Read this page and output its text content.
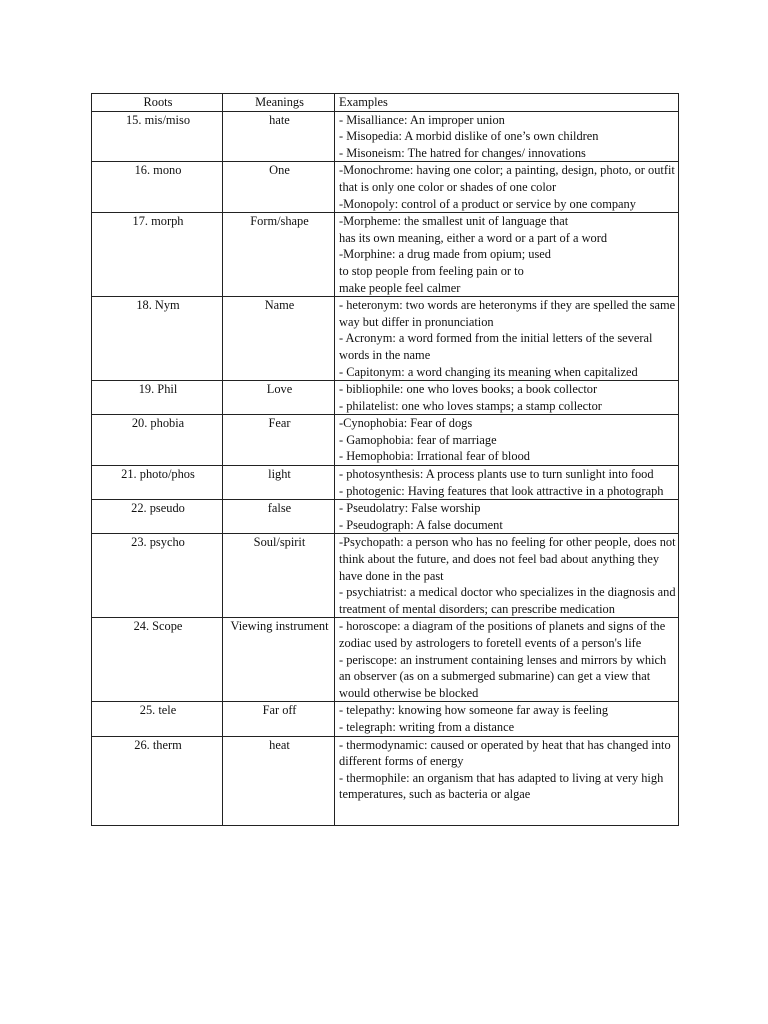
Roots	Meanings	Examples
15. mis/miso	hate	- Misalliance: An improper union
- Misopedia: A morbid dislike of one’s own children
- Misoneism: The hatred for changes/ innovations

16. mono	One	-Monochrome: having one color; a painting, design, photo, or outfit that is only one color or shades of one color
-Monopoly: control of a product or service by one company

17. morph	Form/shape	-Morpheme: the smallest unit of language that
has its own meaning, either a word or a part of a word
-Morphine: a drug made from opium; used
to stop people from feeling pain or to
make people feel calmer

18. Nym	Name	- heteronym: two words are heteronyms if they are spelled the same way but differ in pronunciation
- Acronym: a word formed from the initial letters of the several words in the name
- Capitonym: a word changing its meaning when capitalized

19. Phil	Love	- bibliophile: one who loves books; a book collector
- philatelist: one who loves stamps; a stamp collector

20. phobia	Fear	-Cynophobia: Fear of dogs
- Gamophobia: fear of marriage
- Hemophobia: Irrational fear of blood

21. photo/phos	light	- photosynthesis: A process plants use to turn sunlight into food
- photogenic: Having features that look attractive in a photograph

22. pseudo	false	- Pseudolatry: False worship
- Pseudograph: A false document

23. psycho	Soul/spirit	-Psychopath: a person who has no feeling for other people, does not think about the future, and does not feel bad about anything they have done in the past
- psychiatrist: a medical doctor who specializes in the diagnosis and treatment of mental disorders; can prescribe medication

24. Scope	Viewing instrument	- horoscope: a diagram of the positions of planets and signs of the zodiac used by astrologers to foretell events of a person's life
- periscope: an instrument containing lenses and mirrors by which an observer (as on a submerged submarine) can get a view that would otherwise be blocked

25. tele	Far off	- telepathy: knowing how someone far away is feeling
- telegraph: writing from a distance

26. therm	heat	- thermodynamic: caused or operated by heat that has changed into different forms of energy
- thermophile: an organism that has adapted to living at very high temperatures, such as bacteria or algae
